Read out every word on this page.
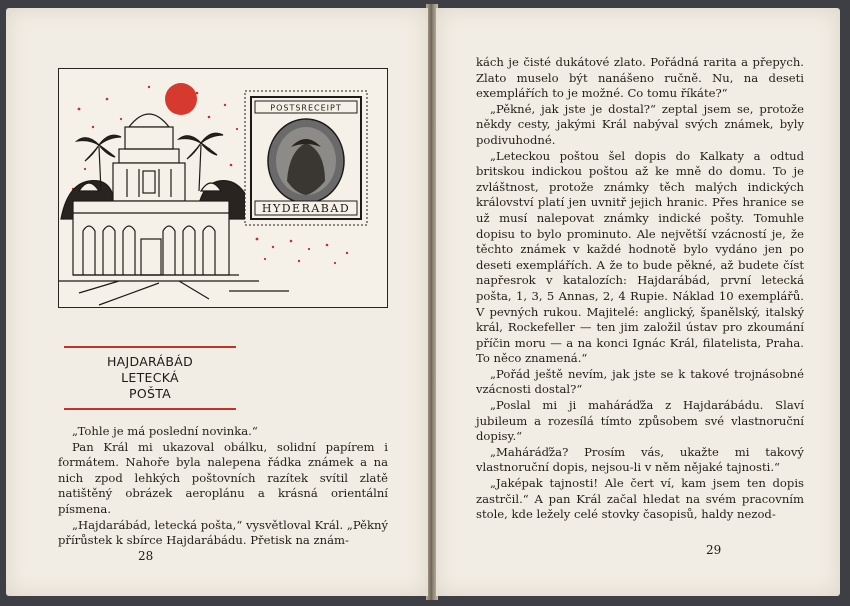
POSTSRECEIPT
HYDERABAD
HAJDARÁBÁD
LETECKÁ
POŠTA

„Tohle je má poslední novinka.“

Pan Král mi ukazoval obálku, solidní papírem i formátem. Nahoře byla nalepena řádka známek a na nich zpod lehkých poštovních razítek svítil zlatě natištěný obrázek aeroplánu a krásná orientální písmena.

„Hajdarábád, letecká pošta,“ vysvětloval Král. „Pěkný přírůstek k sbírce Hajdarábádu. Přetisk na znám-

28

kách je čisté dukátové zlato. Pořádná rarita a přepych. Zlato muselo být nanášeno ručně. Nu, na deseti exemplářích to je možné. Co tomu říkáte?“

„Pěkné, jak jste je dostal?“ zeptal jsem se, protože někdy cesty, jakými Král nabýval svých známek, byly podivuhodné.

„Leteckou poštou šel dopis do Kalkaty a odtud britskou indickou poštou až ke mně do domu. To je zvláštnost, protože známky těch malých indických království platí jen uvnitř jejich hranic. Přes hranice se už musí nalepovat známky indické pošty. Tomuhle dopisu to bylo prominuto. Ale největší vzácností je, že těchto známek v každé hodnotě bylo vydáno jen po deseti exemplářích. A že to bude pěkné, až budete číst napřesrok v katalozích: Hajdarábád, první letecká pošta, 1, 3, 5 Annas, 2, 4 Rupie. Náklad 10 exemplářů. V pevných rukou. Majitelé: anglický, španělský, italský král, Rockefeller — ten jim založil ústav pro zkoumání příčin moru — a na konci Ignác Král, filatelista, Praha. To něco znamená.“

„Pořád ještě nevím, jak jste se k takové trojnásobné vzácnosti dostal?“

„Poslal mi ji maháráďža z Hajdarábádu. Slaví jubileum a rozesílá tímto způsobem své vlastnoruční dopisy.“

„Maháráďža? Prosím vás, ukažte mi takový vlastnoruční dopis, nejsou-li v něm nějaké tajnosti.“

„Jaképak tajnosti! Ale čert ví, kam jsem ten dopis zastrčil.“ A pan Král začal hledat na svém pracovním stole, kde ležely celé stovky časopisů, haldy nezod-

29
